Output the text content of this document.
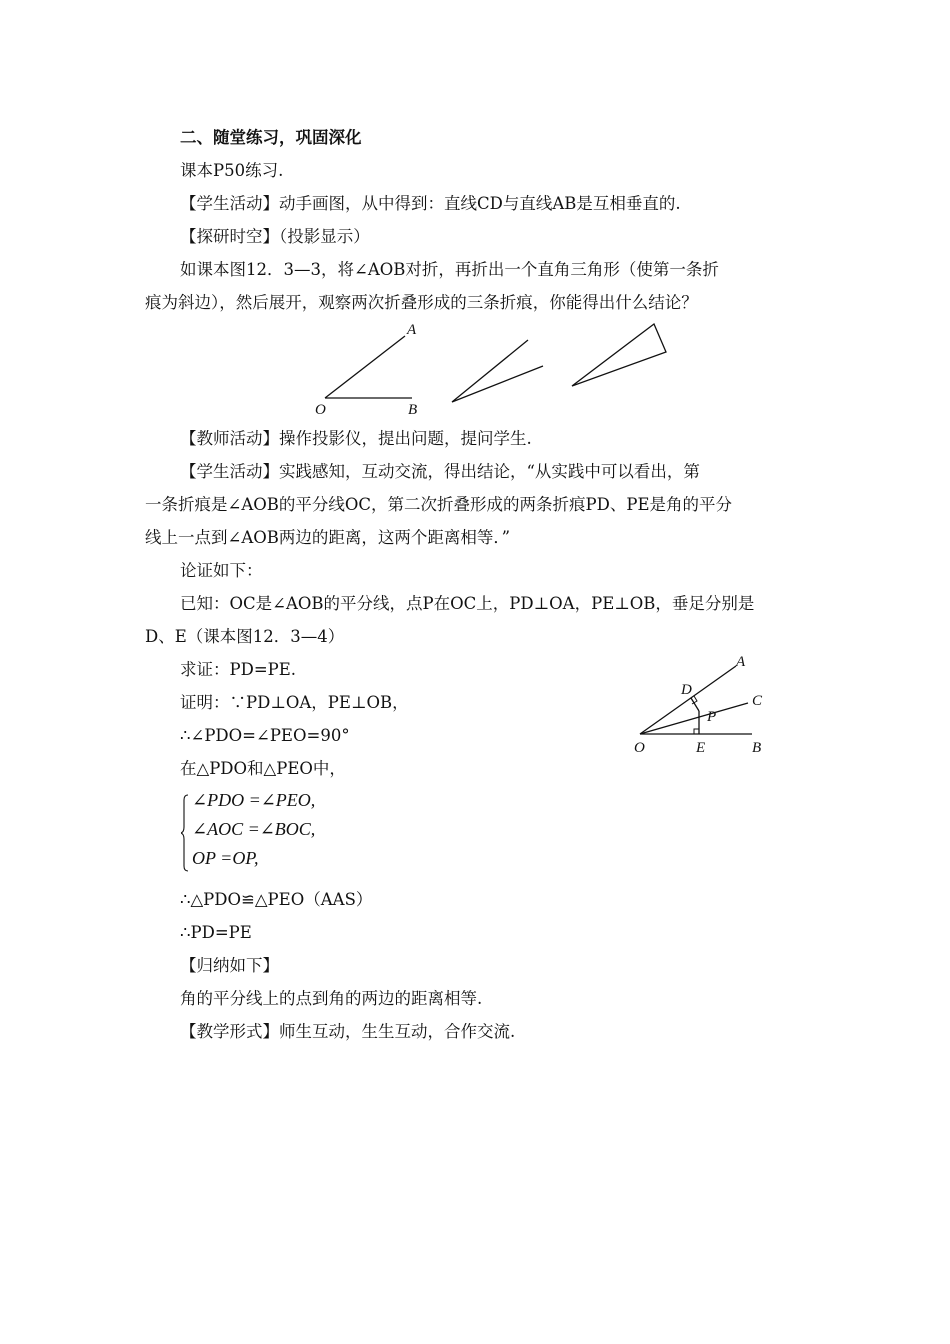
二、随堂练习，巩固深化
课本P50练习.
【学生活动】动手画图，从中得到：直线CD与直线AB是互相垂直的.
【探研时空】（投影显示）
如课本图12．3—3，将∠AOB对折，再折出一个直角三角形（使第一条折
痕为斜边），然后展开，观察两次折叠形成的三条折痕，你能得出什么结论？
A
O	B
【教师活动】操作投影仪，提出问题，提问学生.
【学生活动】实践感知，互动交流，得出结论，“从实践中可以看出，第
一条折痕是∠AOB的平分线OC，第二次折叠形成的两条折痕PD、PE是角的平分
线上一点到∠AOB两边的距离，这两个距离相等．”
论证如下：
已知：OC是∠AOB的平分线，点P在OC上，PD⊥OA，PE⊥OB，垂足分别是
D、E（课本图12．3—4）
求证：PD=PE.
证明：∵PD⊥OA，PE⊥OB，
∴∠PDO=∠PEO=90°
在△PDO和△PEO中，
∠PDO =∠PEO,
∠AOC =∠BOC,
OP =OP,
∴△PDO≌△PEO（AAS）
∴PD=PE
【归纳如下】
角的平分线上的点到角的两边的距离相等.
【教学形式】师生互动，生生互动，合作交流.
A
C
D
P
O	E	B
